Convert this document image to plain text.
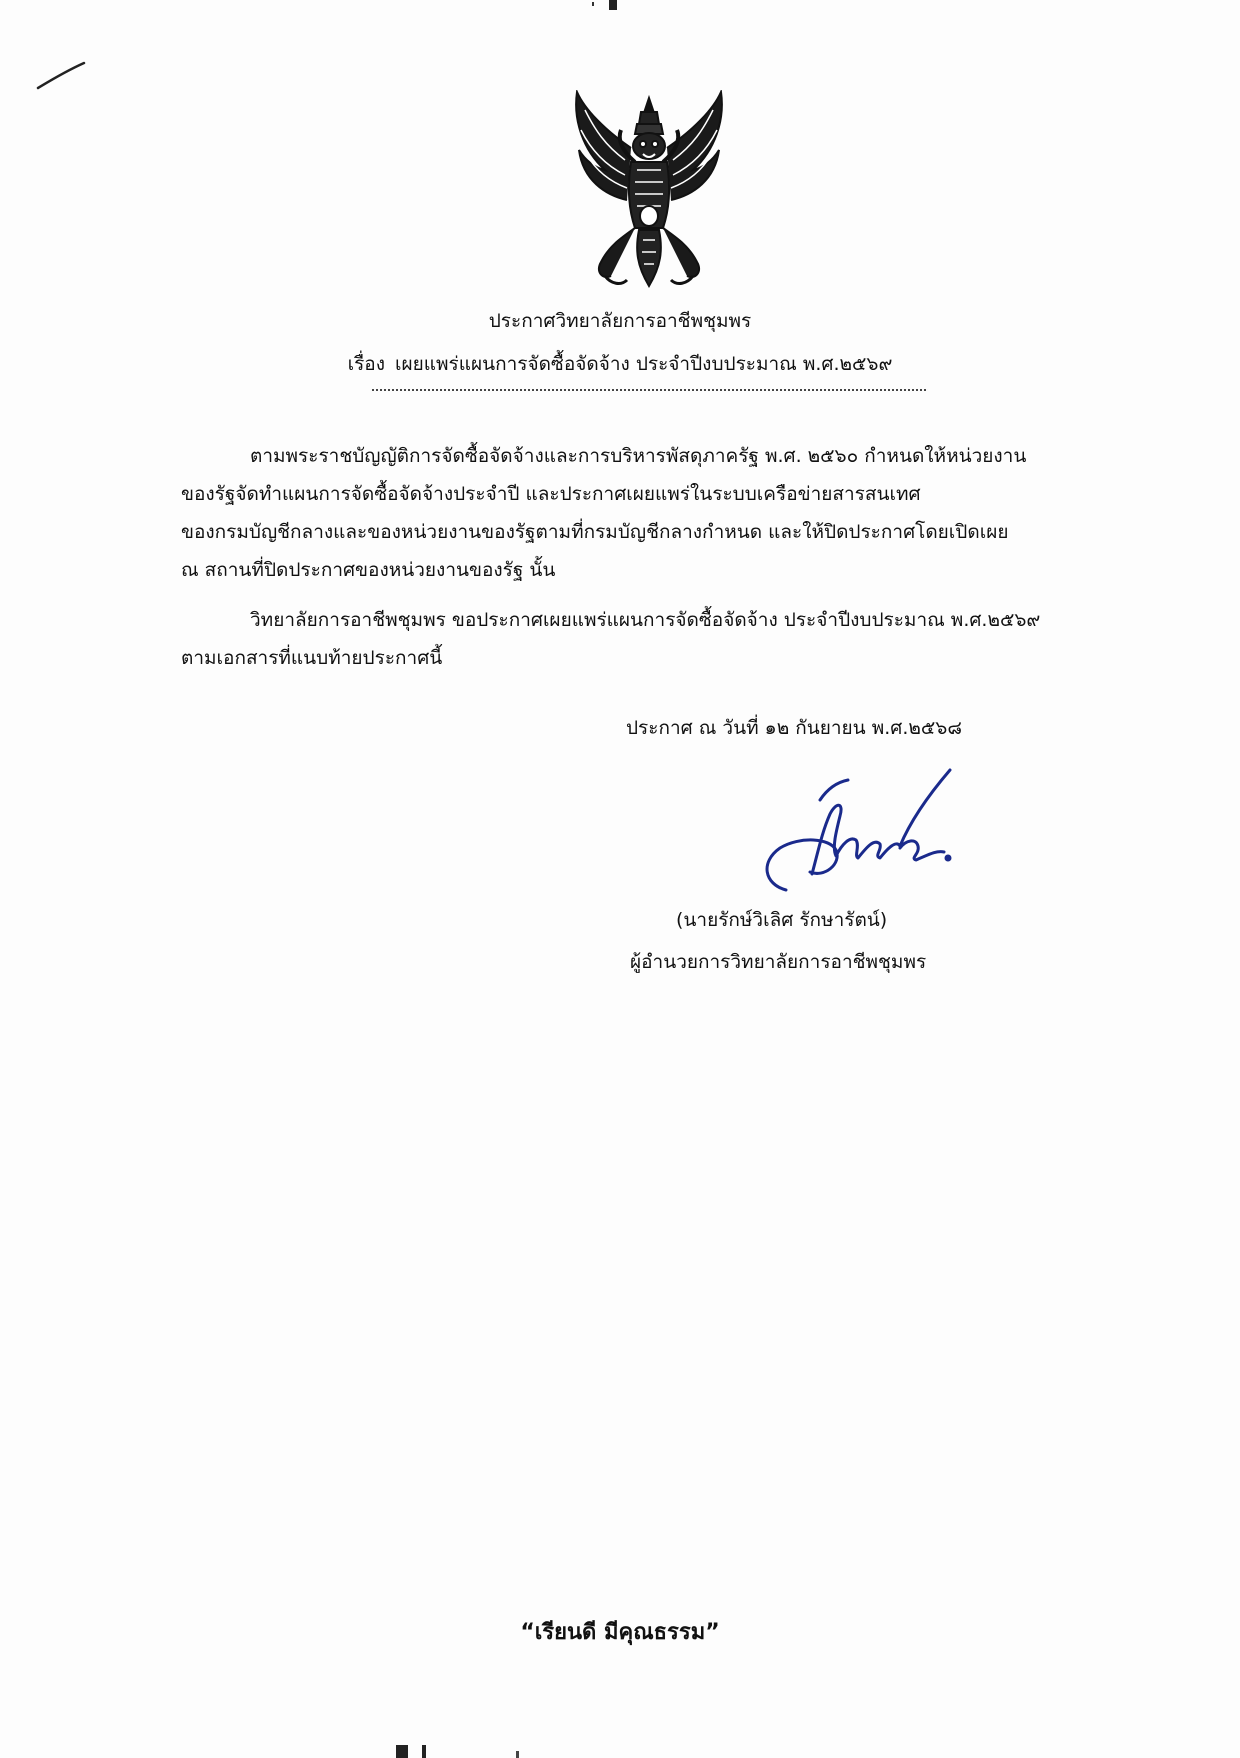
ประกาศวิทยาลัยการอาชีพชุมพร
เรื่อง เผยแพร่แผนการจัดซื้อจัดจ้าง ประจำปีงบประมาณ พ.ศ.๒๕๖๙
ตามพระราชบัญญัติการจัดซื้อจัดจ้างและการบริหารพัสดุภาครัฐ พ.ศ. ๒๕๖๐ กำหนดให้หน่วยงาน
ของรัฐจัดทำแผนการจัดซื้อจัดจ้างประจำปี และประกาศเผยแพร่ในระบบเครือข่ายสารสนเทศ
ของกรมบัญชีกลางและของหน่วยงานของรัฐตามที่กรมบัญชีกลางกำหนด และให้ปิดประกาศโดยเปิดเผย
ณ สถานที่ปิดประกาศของหน่วยงานของรัฐ นั้น
วิทยาลัยการอาชีพชุมพร ขอประกาศเผยแพร่แผนการจัดซื้อจัดจ้าง ประจำปีงบประมาณ พ.ศ.๒๕๖๙
ตามเอกสารที่แนบท้ายประกาศนี้
ประกาศ ณ วันที่ ๑๒ กันยายน พ.ศ.๒๕๖๘
(นายรักษ์วิเลิศ รักษารัตน์)
ผู้อำนวยการวิทยาลัยการอาชีพชุมพร
“เรียนดี มีคุณธรรม”
